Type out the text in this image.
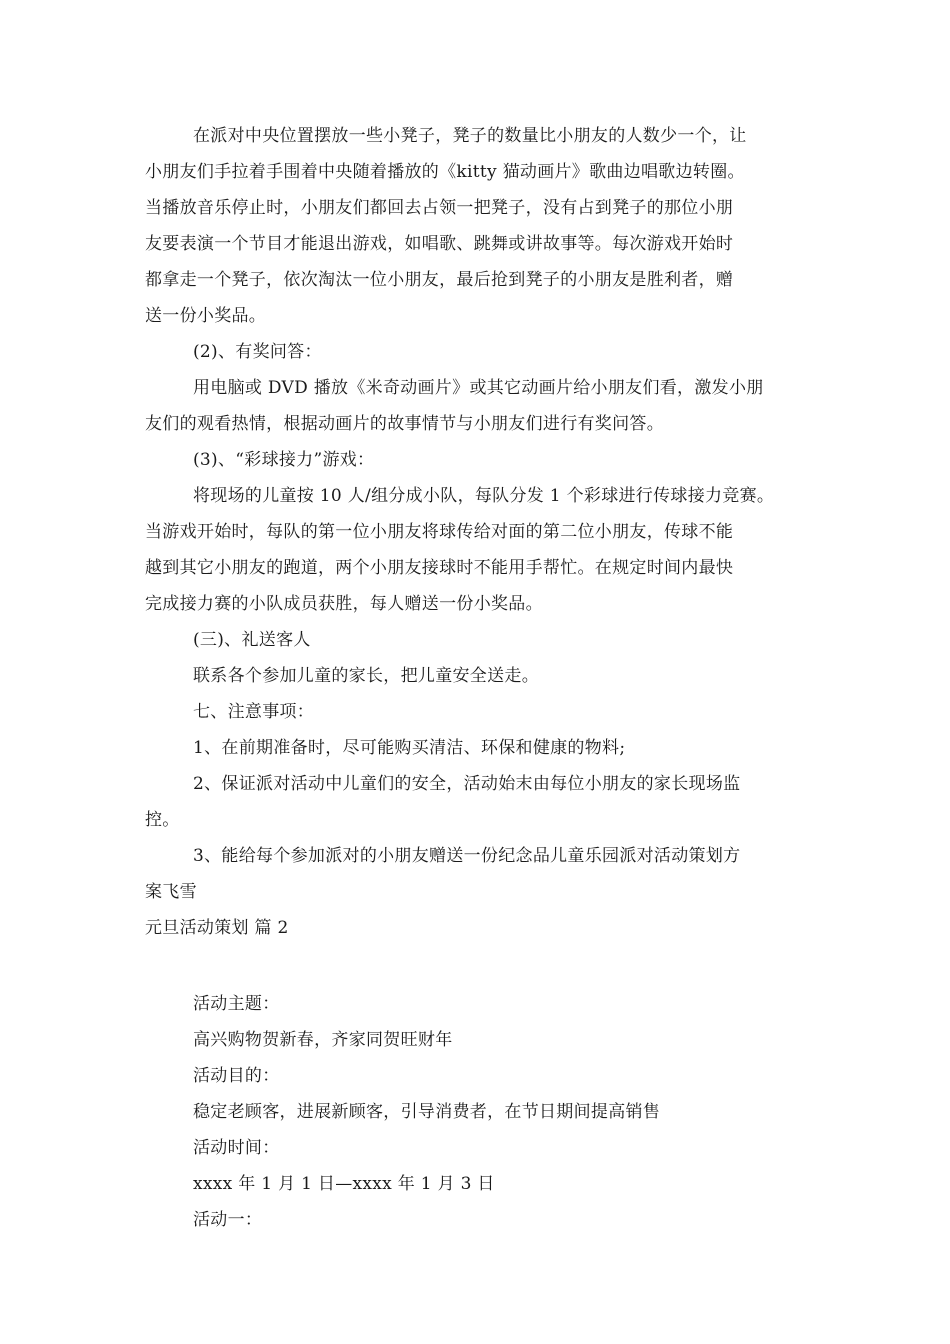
在派对中央位置摆放一些小凳子，凳子的数量比小朋友的人数少一个，让
小朋友们手拉着手围着中央随着播放的《kitty 猫动画片》歌曲边唱歌边转圈。
当播放音乐停止时，小朋友们都回去占领一把凳子，没有占到凳子的那位小朋
友要表演一个节目才能退出游戏，如唱歌、跳舞或讲故事等。每次游戏开始时
都拿走一个凳子，依次淘汰一位小朋友，最后抢到凳子的小朋友是胜利者，赠
送一份小奖品。
(2)、有奖问答：
用电脑或 DVD 播放《米奇动画片》或其它动画片给小朋友们看，激发小朋
友们的观看热情，根据动画片的故事情节与小朋友们进行有奖问答。
(3)、“彩球接力”游戏：
将现场的儿童按 10 人/组分成小队，每队分发 1 个彩球进行传球接力竞赛。
当游戏开始时，每队的第一位小朋友将球传给对面的第二位小朋友，传球不能
越到其它小朋友的跑道，两个小朋友接球时不能用手帮忙。在规定时间内最快
完成接力赛的小队成员获胜，每人赠送一份小奖品。
(三)、礼送客人
联系各个参加儿童的家长，把儿童安全送走。
七、注意事项：
1、在前期准备时，尽可能购买清洁、环保和健康的物料;
2、保证派对活动中儿童们的安全，活动始末由每位小朋友的家长现场监
控。
3、能给每个参加派对的小朋友赠送一份纪念品儿童乐园派对活动策划方
案飞雪
元旦活动策划 篇 2
活动主题：
高兴购物贺新春，齐家同贺旺财年
活动目的：
稳定老顾客，进展新顾客，引导消费者，在节日期间提高销售
活动时间：
xxxx 年 1 月 1 日—xxxx 年 1 月 3 日
活动一：
